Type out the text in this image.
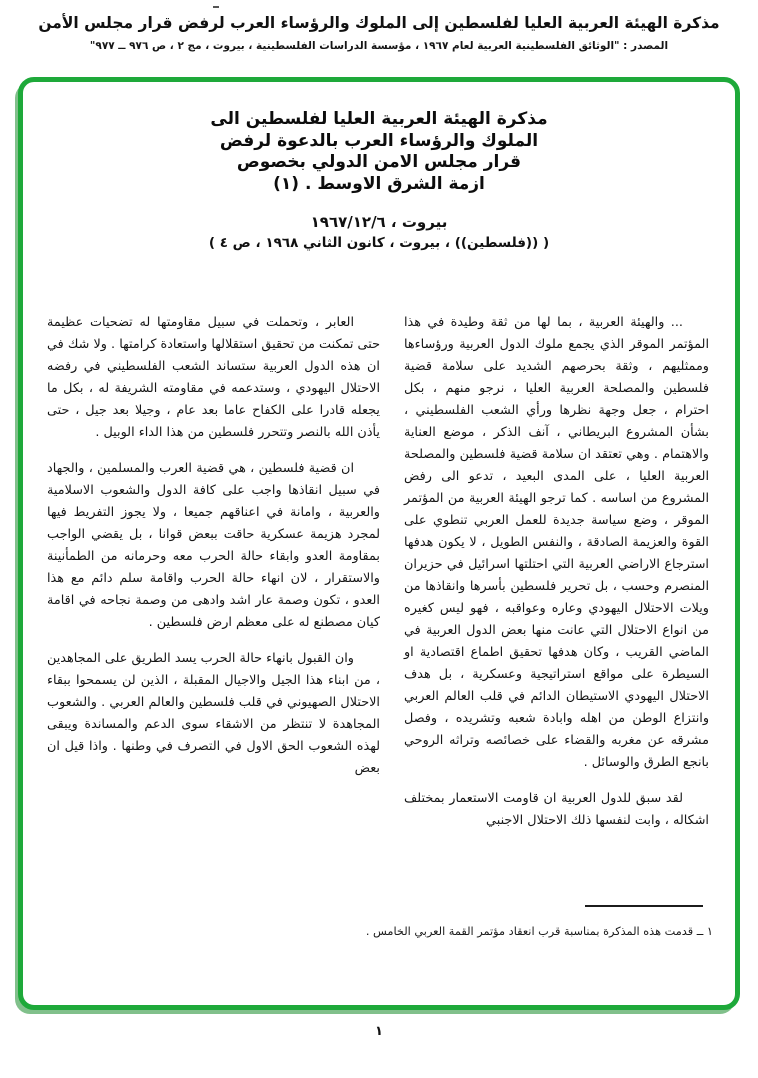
مذكرة الهيئة العربية العليا لفلسطين إلى الملوك والرؤساء العرب لرفض قرار مجلس الأمن
المصدر : "الوثائق الفلسطينية العربية لعام ١٩٦٧ ، مؤسسة الدراسات الفلسطينية ، بيروت ، مج ٢ ، ص ٩٧٦ ــ ٩٧٧"
مذكرة الهيئة العربية العليا لفلسطين الى
الملوك والرؤساء العرب بالدعوة لرفض
قرار مجلس الامن الدولي بخصوص
ازمة الشرق الاوسط . (١)
بيروت ، ١٩٦٧/١٢/٦
( ((فلسطين)) ، بيروت ، كانون الثاني ١٩٦٨ ، ص ٤ )

... والهيئة العربية ، بما لها من ثقة وطيدة في هذا المؤتمر الموقر الذي يجمع ملوك الدول العربية ورؤساءها وممثليهم ، وثقة بحرصهم الشديد على سلامة قضية فلسطين والمصلحة العربية العليا ، نرجو منهم ، بكل احترام ، جعل وجهة نظرها ورأي الشعب الفلسطيني ، بشأن المشروع البريطاني ، آنف الذكر ، موضع العناية والاهتمام . وهي تعتقد ان سلامة قضية فلسطين والمصلحة العربية العليا ، على المدى البعيد ، تدعو الى رفض المشروع من اساسه . كما ترجو الهيئة العربية من المؤتمر الموقر ، وضع سياسة جديدة للعمل العربي تنطوي على القوة والعزيمة الصادقة ، والنفس الطويل ، لا يكون هدفها استرجاع الاراضي العربية التي احتلتها اسرائيل في حزيران المنصرم وحسب ، بل تحرير فلسطين بأسرها وانقاذها من ويلات الاحتلال اليهودي وعاره وعواقبه ، فهو ليس كغيره من انواع الاحتلال التي عانت منها بعض الدول العربية في الماضي القريب ، وكان هدفها تحقيق اطماع اقتصادية او السيطرة على مواقع استراتيجية وعسكرية ، بل هدف الاحتلال اليهودي الاستيطان الدائم في قلب العالم العربي وانتزاع الوطن من اهله وابادة شعبه وتشريده ، وفصل مشرقه عن مغربه والقضاء على خصائصه وتراثه الروحي بانجع الطرق والوسائل .

لقد سبق للدول العربية ان قاومت الاستعمار بمختلف اشكاله ، وابت لنفسها ذلك الاحتلال الاجنبي

العابر ، وتحملت في سبيل مقاومتها له تضحيات عظيمة حتى تمكنت من تحقيق استقلالها واستعادة كرامتها . ولا شك في ان هذه الدول العربية ستساند الشعب الفلسطيني في رفضه الاحتلال اليهودي ، وستدعمه في مقاومته الشريفة له ، بكل ما يجعله قادرا على الكفاح عاما بعد عام ، وجيلا بعد جيل ، حتى يأذن الله بالنصر وتتحرر فلسطين من هذا الداء الوبيل .

ان قضية فلسطين ، هي قضية العرب والمسلمين ، والجهاد في سبيل انقاذها واجب على كافة الدول والشعوب الاسلامية والعربية ، وامانة في اعناقهم جميعا ، ولا يجوز التفريط فيها لمجرد هزيمة عسكرية حاقت ببعض قوانا ، بل يقضي الواجب بمقاومة العدو وابقاء حالة الحرب معه وحرمانه من الطمأنينة والاستقرار ، لان انهاء حالة الحرب واقامة سلم دائم مع هذا العدو ، تكون وصمة عار اشد وادهى من وصمة نجاحه في اقامة كيان مصطنع له على معظم ارض فلسطين .

وان القبول بانهاء حالة الحرب يسد الطريق على المجاهدين ، من ابناء هذا الجيل والاجيال المقبلة ، الذين لن يسمحوا ببقاء الاحتلال الصهيوني في قلب فلسطين والعالم العربي . والشعوب المجاهدة لا تنتظر من الاشقاء سوى الدعم والمساندة ويبقى لهذه الشعوب الحق الاول في التصرف في وطنها . واذا قيل ان بعض

١ ــ قدمت هذه المذكرة بمناسبة قرب انعقاد مؤتمر القمة العربي الخامس .
١
